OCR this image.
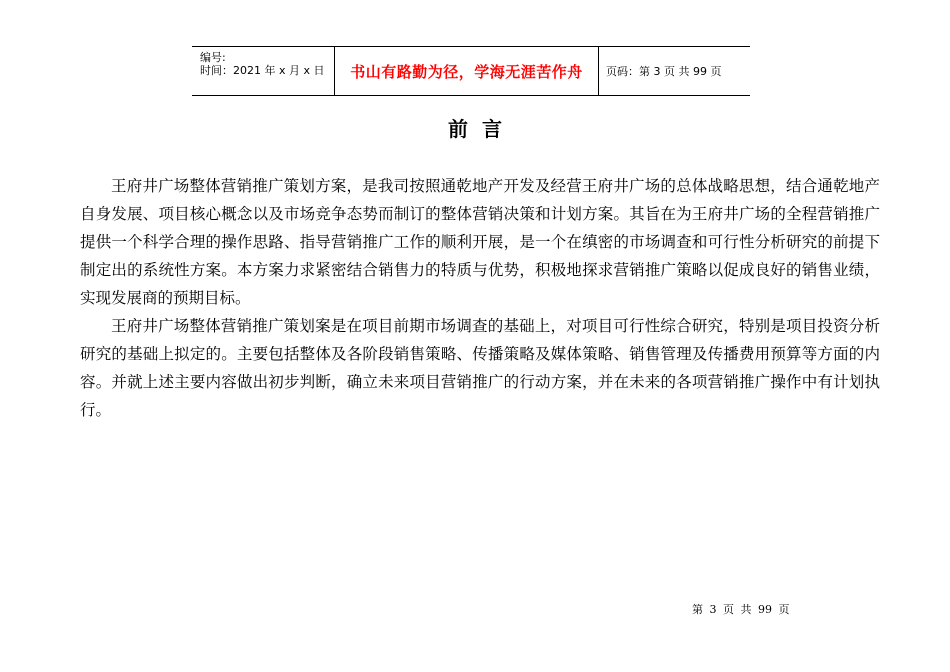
编号:
时间：2021 年 x 月 x 日	书山有路勤为径，学海无涯苦作舟 页码：第 3 页 共 99 页
前言

王府井广场整体营销推广策划方案，是我司按照通乾地产开发及经营王府井广场的总体战略思想，结合通乾地产自身发展、项目核心概念以及市场竞争态势而制订的整体营销决策和计划方案。其旨在为王府井广场的全程营销推广提供一个科学合理的操作思路、指导营销推广工作的顺利开展，是一个在缜密的市场调查和可行性分析研究的前提下制定出的系统性方案。本方案力求紧密结合销售力的特质与优势，积极地探求营销推广策略以促成良好的销售业绩，实现发展商的预期目标。

王府井广场整体营销推广策划案是在项目前期市场调查的基础上，对项目可行性综合研究，特别是项目投资分析研究的基础上拟定的。主要包括整体及各阶段销售策略、传播策略及媒体策略、销售管理及传播费用预算等方面的内容。并就上述主要内容做出初步判断，确立未来项目营销推广的行动方案，并在未来的各项营销推广操作中有计划执行。

第 3 页 共 99 页
